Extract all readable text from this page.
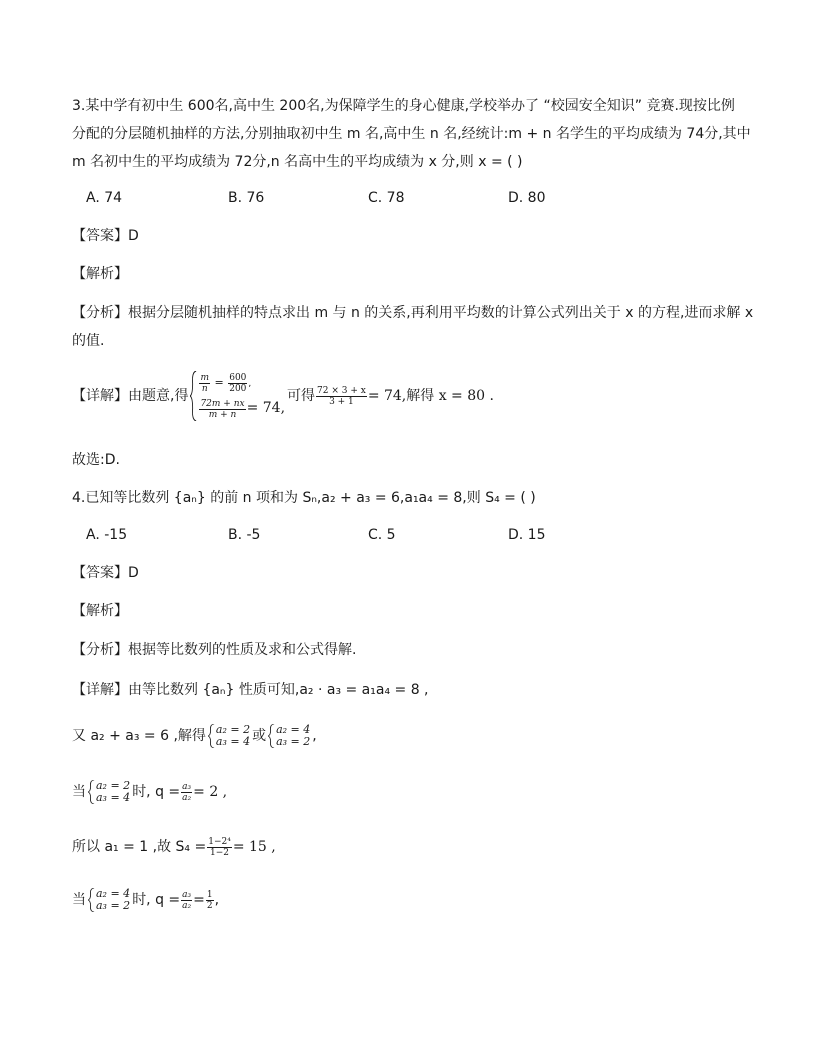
3.某中学有初中生 600名,高中生 200名,为保障学生的身心健康,学校举办了 “校园安全知识” 竞赛.现按比例
分配的分层随机抽样的方法,分别抽取初中生 m 名,高中生 n 名,经统计:m + n 名学生的平均成绩为 74分,其中
m 名初中生的平均成绩为 72分,n 名高中生的平均成绩为 x 分,则 x = ( )
A. 74	B. 76	C. 78	D. 80
【答案】D
【解析】
【分析】根据分层随机抽样的特点求出 m 与 n 的关系,再利用平均数的计算公式列出关于 x 的方程,进而求解 x
的值.
【详解】由题意,得
$\frac{m}{n} = \frac{600}{200}$ ,
$\frac{72m + nx}{m + n} = 74$,
可得 $\frac{72 \times 3 + x}{3 + 1} = 74$,解得 x = 80 .
故选:D.
4.已知等比数列 {aₙ} 的前 n 项和为 Sₙ,a₂ + a₃ = 6,a₁a₄ = 8,则 S₄ = ( )
A. -15	B. -5	C. 5	D. 15
【答案】D
【解析】
【分析】根据等比数列的性质及求和公式得解.
【详解】由等比数列 {aₙ} 性质可知,a₂ · a₃ = a₁a₄ = 8 ,
又 a₂ + a₃ = 6 ,解得 a₂ = 2
a₃ = 4 或 a₂ = 4
a₃ = 2 ,
当 a₂ = 2
a₃ = 4 时, $q = \frac{\text{a₃}}{\text{a₂}} = 2$ ,
所以 a₁ = 1 ,故 $S_4 = \frac{\text{1−2⁴}}{1-2} = 15$ ,
当 a₂ = 4
a₃ = 2 时, $q = \frac{\text{a₃}}{\text{a₂}} = \frac{1}{2}$ ,
